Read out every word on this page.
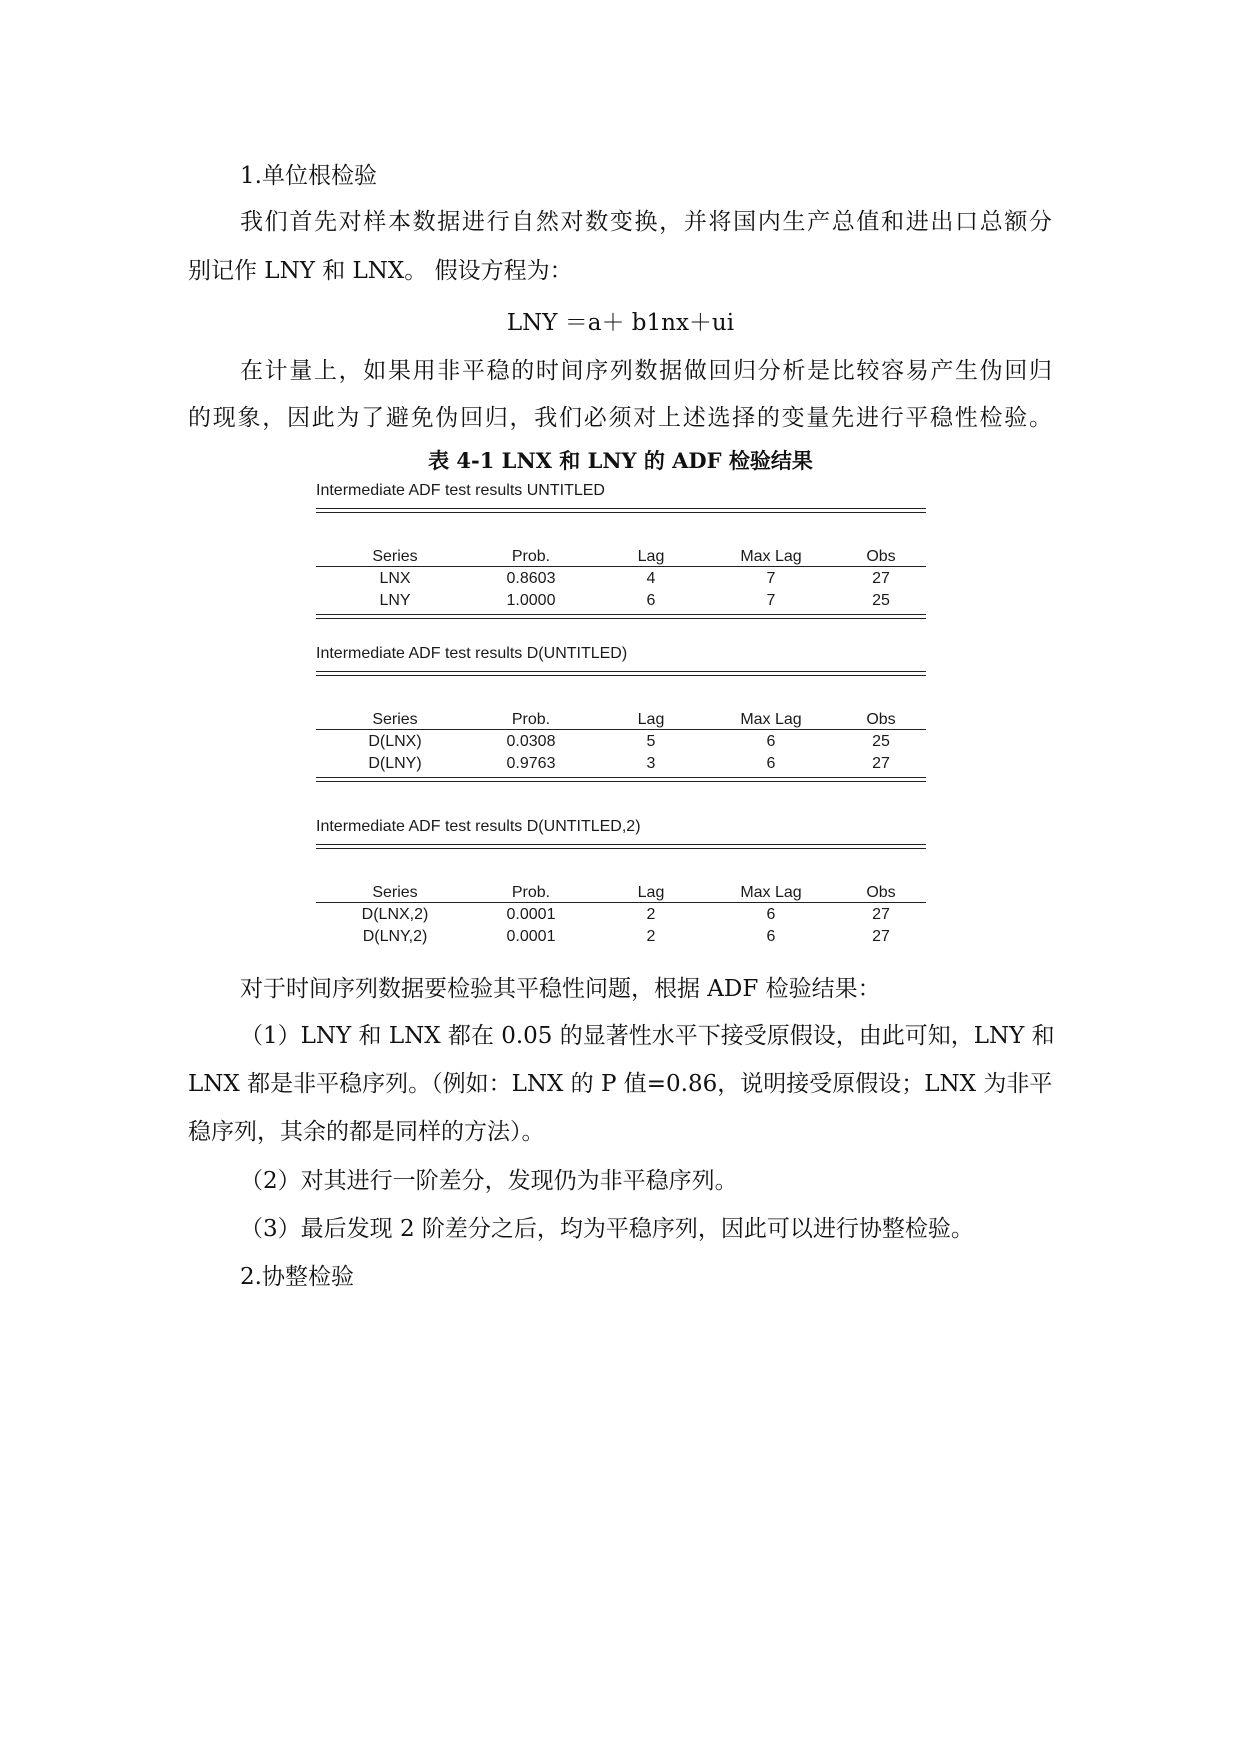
1.单位根检验
我们首先对样本数据进行自然对数变换，并将国内生产总值和进出口总额分
别记作 LNY 和 LNX。 假设方程为：
LNY ＝a＋ b1nx＋ui
在计量上，如果用非平稳的时间序列数据做回归分析是比较容易产生伪回归
的现象，因此为了避免伪回归，我们必须对上述选择的变量先进行平稳性检验。
表 4-1 LNX 和 LNY 的 ADF 检验结果
Intermediate ADF test results UNTITLED
Series	Prob.	Lag	Max Lag	Obs
LNX	0.8603	4	7	27
LNY	1.0000	6	7	25
Intermediate ADF test results D(UNTITLED)
Series	Prob.	Lag	Max Lag	Obs
D(LNX)	0.0308	5	6	25
D(LNY)	0.9763	3	6	27
Intermediate ADF test results D(UNTITLED,2)
Series	Prob.	Lag	Max Lag	Obs
D(LNX,2)	0.0001	2	6	27
D(LNY,2)	0.0001	2	6	27
对于时间序列数据要检验其平稳性问题，根据 ADF 检验结果：
（1）LNY 和 LNX 都在 0.05 的显著性水平下接受原假设，由此可知，LNY 和
LNX 都是非平稳序列。（例如：LNX 的 P 值=0.86，说明接受原假设；LNX 为非平
稳序列，其余的都是同样的方法）。
（2）对其进行一阶差分，发现仍为非平稳序列。
（3）最后发现 2 阶差分之后，均为平稳序列，因此可以进行协整检验。
2.协整检验
